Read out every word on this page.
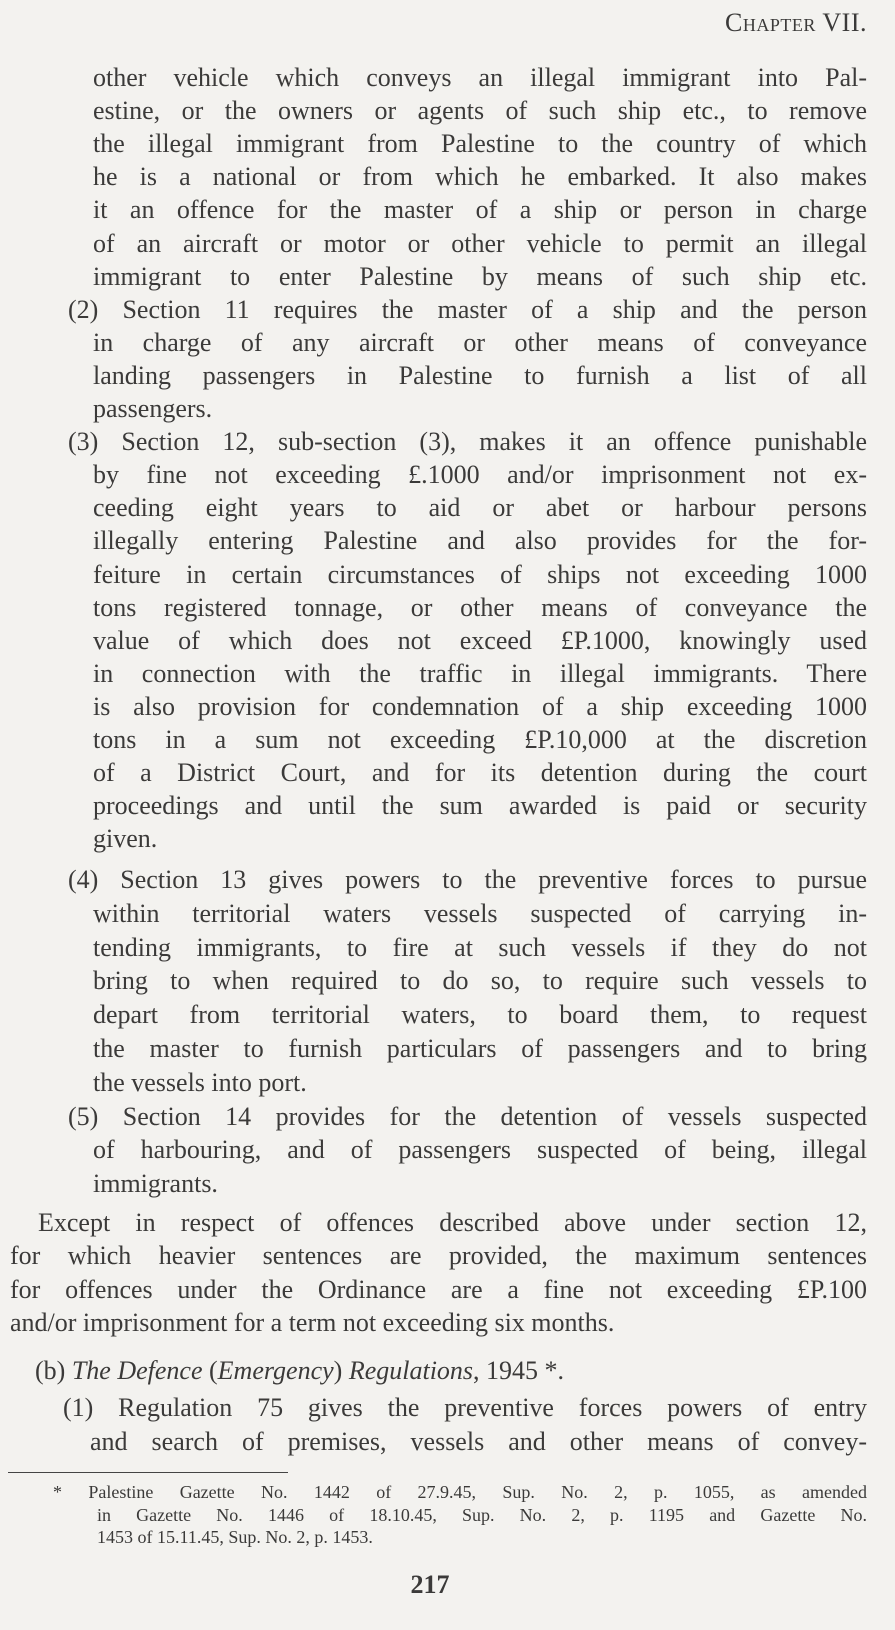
Chapter VII.
other vehicle which conveys an illegal immigrant into Pal-
estine, or the owners or agents of such ship etc., to remove
the illegal immigrant from Palestine to the country of which
he is a national or from which he embarked. It also makes
it an offence for the master of a ship or person in charge
of an aircraft or motor or other vehicle to permit an illegal
immigrant to enter Palestine by means of such ship etc.
(2) Section 11 requires the master of a ship and the person
in charge of any aircraft or other means of conveyance
landing passengers in Palestine to furnish a list of all
passengers.
(3) Section 12, sub-section (3), makes it an offence punishable
by fine not exceeding £.1000 and/or imprisonment not ex-
ceeding eight years to aid or abet or harbour persons
illegally entering Palestine and also provides for the for-
feiture in certain circumstances of ships not exceeding 1000
tons registered tonnage, or other means of conveyance the
value of which does not exceed £P.1000, knowingly used
in connection with the traffic in illegal immigrants. There
is also provision for condemnation of a ship exceeding 1000
tons in a sum not exceeding £P.10,000 at the discretion
of a District Court, and for its detention during the court
proceedings and until the sum awarded is paid or security
given.
(4) Section 13 gives powers to the preventive forces to pursue
within territorial waters vessels suspected of carrying in-
tending immigrants, to fire at such vessels if they do not
bring to when required to do so, to require such vessels to
depart from territorial waters, to board them, to request
the master to furnish particulars of passengers and to bring
the vessels into port.
(5) Section 14 provides for the detention of vessels suspected
of harbouring, and of passengers suspected of being, illegal
immigrants.
Except in respect of offences described above under section 12,
for which heavier sentences are provided, the maximum sentences
for offences under the Ordinance are a fine not exceeding £P.100
and/or imprisonment for a term not exceeding six months.
(b) The Defence (Emergency) Regulations, 1945 *.
(1) Regulation 75 gives the preventive forces powers of entry
and search of premises, vessels and other means of convey-
* Palestine Gazette No. 1442 of 27.9.45, Sup. No. 2, p. 1055, as amended
in Gazette No. 1446 of 18.10.45, Sup. No. 2, p. 1195 and Gazette No.
1453 of 15.11.45, Sup. No. 2, p. 1453.
217
